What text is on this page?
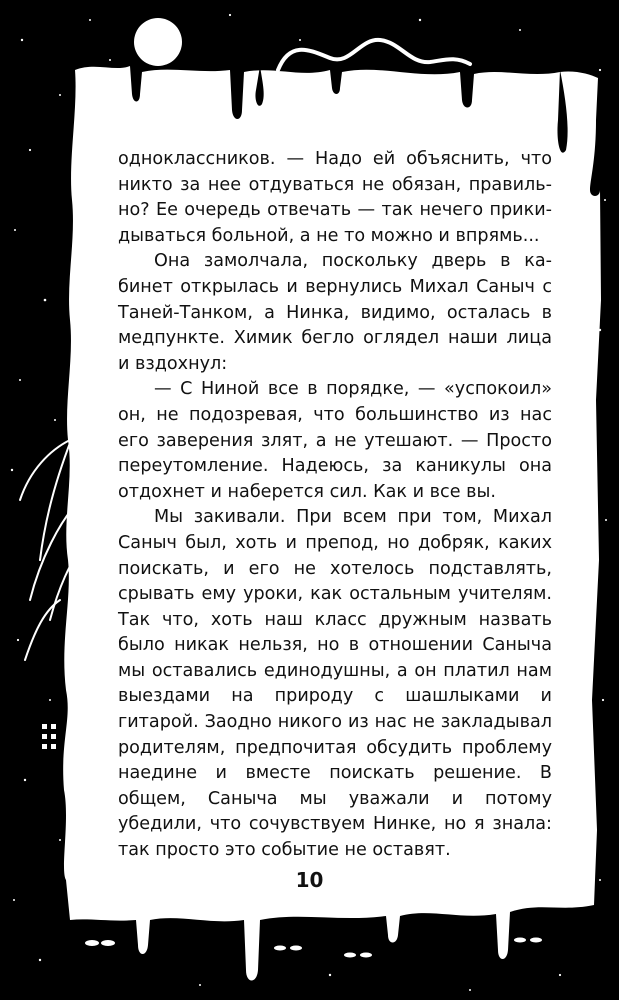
одноклассников. — Надо ей объяснить, что никто за нее отдуваться не обязан, правильно? Ее очередь отвечать — так нечего прикидываться больной, а не то можно и впрямь...

Она замолчала, поскольку дверь в кабинет открылась и вернулись Михал Саныч с Таней-Танком, а Нинка, видимо, осталась в медпункте. Химик бегло оглядел наши лица и вздохнул:

— С Ниной все в порядке, — «успокоил» он, не подозревая, что большинство из нас его заверения злят, а не утешают. — Просто переутомление. Надеюсь, за каникулы она отдохнет и наберется сил. Как и все вы.

Мы закивали. При всем при том, Михал Саныч был, хоть и препод, но добряк, каких поискать, и его не хотелось подставлять, срывать ему уроки, как остальным учителям. Так что, хоть наш класс дружным назвать было никак нельзя, но в отношении Саныча мы оставались единодушны, а он платил нам выездами на природу с шашлыками и гитарой. Заодно никого из нас не закладывал родителям, предпочитая обсудить проблему наедине и вместе поискать решение. В общем, Саныча мы уважали и потому убедили, что сочувствуем Нинке, но я знала: так просто это событие не оставят.

10
